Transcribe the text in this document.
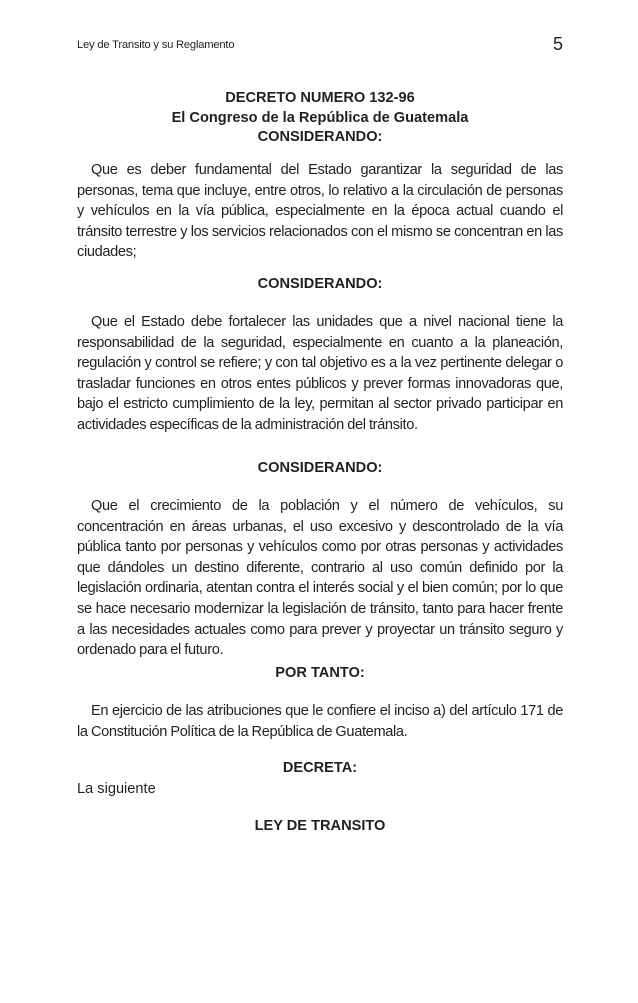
Ley de Transito y su Reglamento	5
DECRETO NUMERO 132-96
El Congreso de la República de Guatemala
CONSIDERANDO:

Que es deber fundamental del Estado garantizar la seguridad de las personas, tema que incluye, entre otros, lo relativo a la circulación de personas y vehículos en la vía pública, especialmente en la época actual cuando el tránsito terrestre y los servicios relacionados con el mismo se concentran en las ciudades;

CONSIDERANDO:

Que el Estado debe fortalecer las unidades que a nivel nacional tiene la responsabilidad de la seguridad, especialmente en cuanto a la planeación, regulación y control se refiere; y con tal objetivo es a la vez pertinente delegar o trasladar funciones en otros entes públicos y prever formas innovadoras que, bajo el estricto cumplimiento de la ley, permitan al sector privado participar en actividades específicas de la administración del tránsito.

CONSIDERANDO:

Que el crecimiento de la población y el número de vehículos, su concentración en áreas urbanas, el uso excesivo y descontrolado de la vía pública tanto por personas y vehículos como por otras personas y actividades que dándoles un destino diferente, contrario al uso común definido por la legislación ordinaria, atentan contra el interés social y el bien común; por lo que se hace necesario modernizar la legislación de tránsito, tanto para hacer frente a las necesidades actuales como para prever y proyectar un tránsito seguro y ordenado para el futuro.

POR TANTO:

En ejercicio de las atribuciones que le confiere el inciso a) del artículo 171 de la Constitución Política de la República de Guatemala.

DECRETA:

La siguiente

LEY DE TRANSITO
